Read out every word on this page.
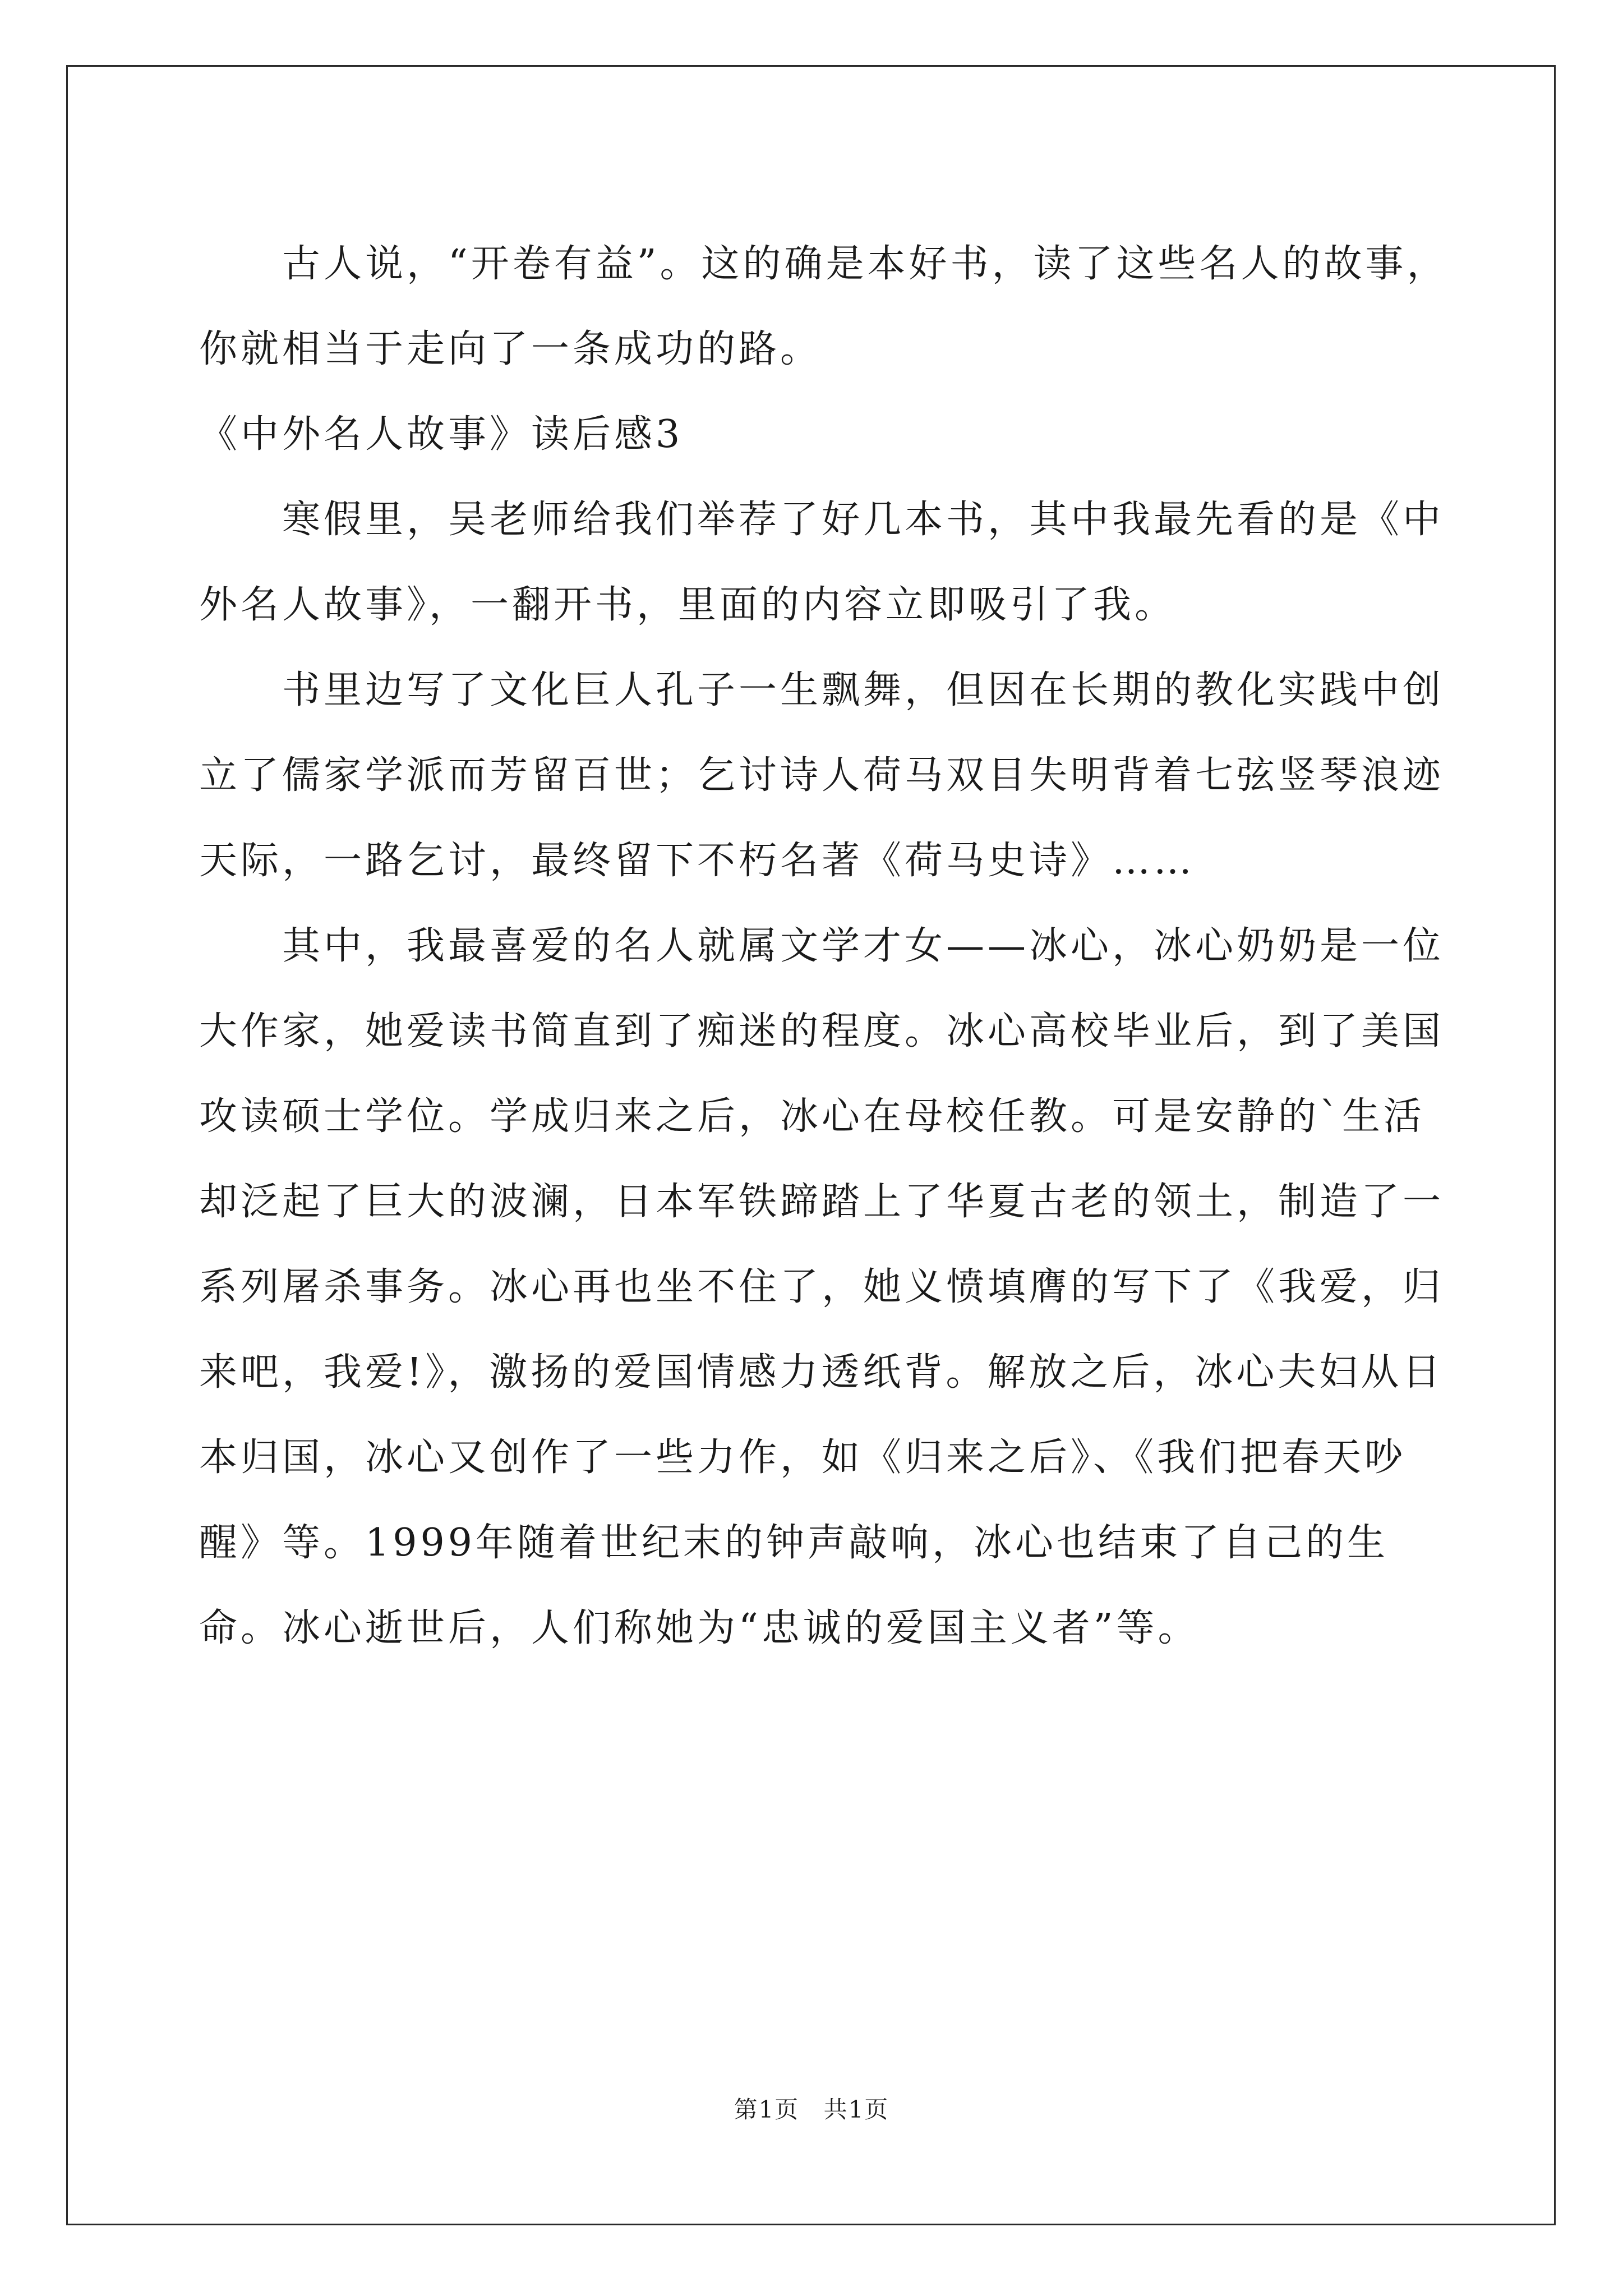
古人说，“开卷有益”。这的确是本好书，读了这些名人的故事，你就相当于走向了一条成功的路。

《中外名人故事》读后感3

寒假里，吴老师给我们举荐了好几本书，其中我最先看的是《中外名人故事》，一翻开书，里面的内容立即吸引了我。

书里边写了文化巨人孔子一生飘舞，但因在长期的教化实践中创立了儒家学派而芳留百世；乞讨诗人荷马双目失明背着七弦竖琴浪迹天际，一路乞讨，最终留下不朽名著《荷马史诗》……

其中，我最喜爱的名人就属文学才女——冰心，冰心奶奶是一位大作家，她爱读书简直到了痴迷的程度。冰心高校毕业后，到了美国攻读硕士学位。学成归来之后，冰心在母校任教。可是安静的`生活却泛起了巨大的波澜，日本军铁蹄踏上了华夏古老的领土，制造了一系列屠杀事务。冰心再也坐不住了，她义愤填膺的写下了《我爱，归来吧，我爱!》，激扬的爱国情感力透纸背。解放之后，冰心夫妇从日本归国，冰心又创作了一些力作，如《归来之后》、《我们把春天吵醒》等。1999年随着世纪末的钟声敲响，冰心也结束了自己的生命。冰心逝世后，人们称她为“忠诚的爱国主义者”等。

第1页 共1页
